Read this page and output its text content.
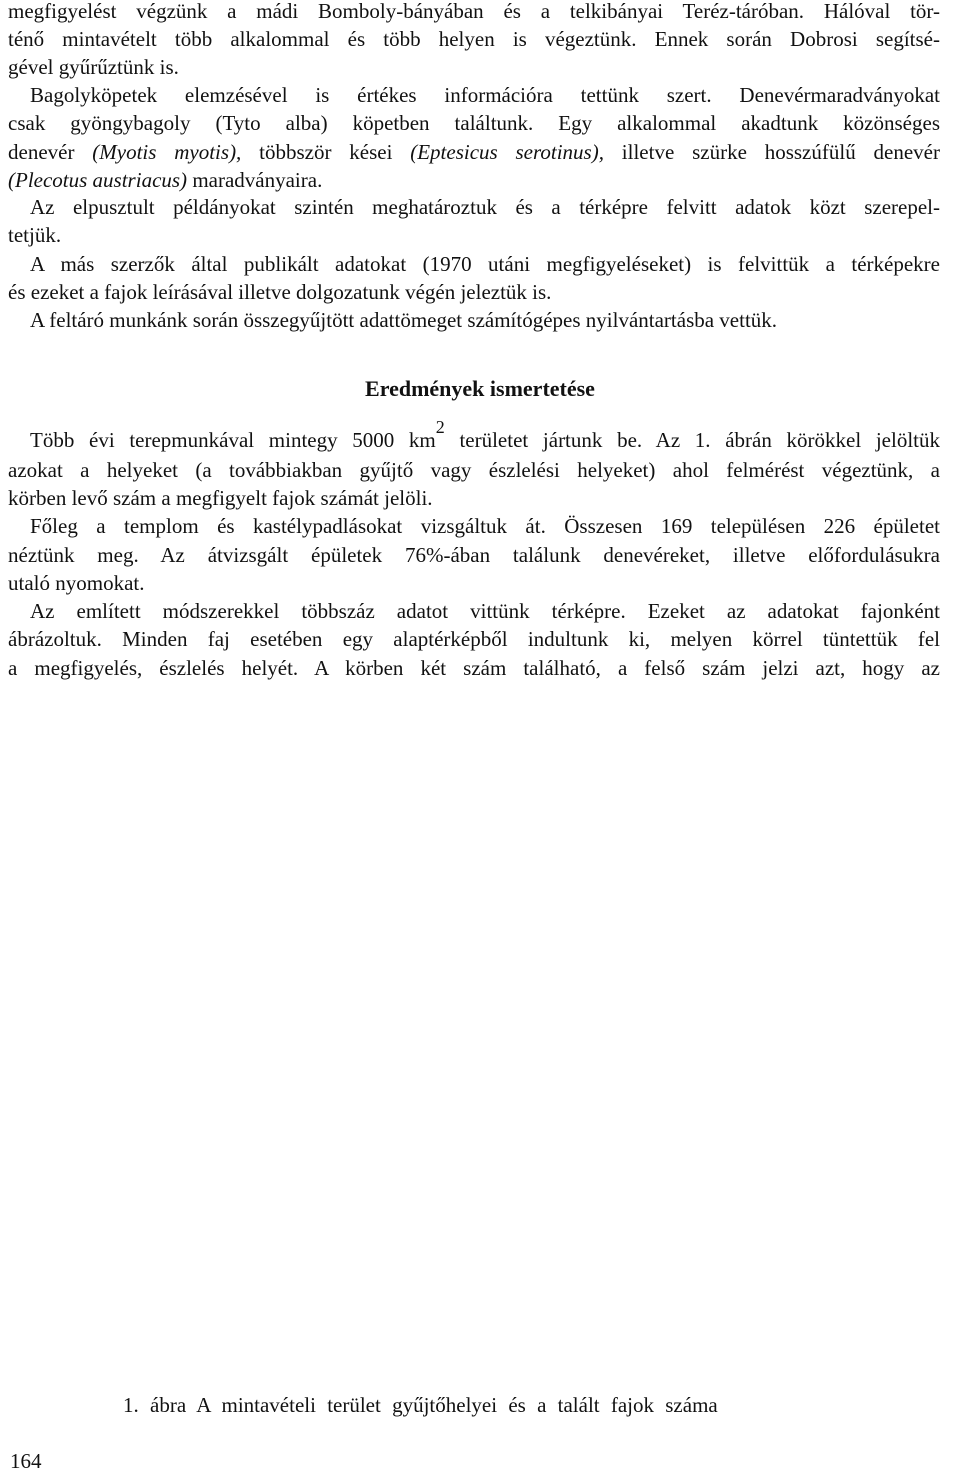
megfigyelést végzünk a mádi Bomboly-bányában és a telkibányai Teréz-táróban. Hálóval tör-
ténő mintavételt több alkalommal és több helyen is végeztünk. Ennek során Dobrosi segítsé-
gével gyűrűztünk is.
Bagolyköpetek elemzésével is értékes információra tettünk szert. Denevérmaradványokat
csak gyöngybagoly (Tyto alba) köpetben találtunk. Egy alkalommal akadtunk közönséges
denevér (Myotis myotis), többször kései (Eptesicus serotinus), illetve szürke hosszúfülű denevér
(Plecotus austriacus) maradványaira.
Az elpusztult példányokat szintén meghatároztuk és a térképre felvitt adatok közt szerepel-
tetjük.
A más szerzők által publikált adatokat (1970 utáni megfigyeléseket) is felvittük a térképekre
és ezeket a fajok leírásával illetve dolgozatunk végén jeleztük is.
A feltáró munkánk során összegyűjtött adattömeget számítógépes nyilvántartásba vettük.
Eredmények ismertetése
Több évi terepmunkával mintegy 5000 km2 területet jártunk be. Az 1. ábrán körökkel jelöltük
azokat a helyeket (a továbbiakban gyűjtő vagy észlelési helyeket) ahol felmérést végeztünk, a
körben levő szám a megfigyelt fajok számát jelöli.
Főleg a templom és kastélypadlásokat vizsgáltuk át. Összesen 169 településen 226 épületet
néztünk meg. Az átvizsgált épületek 76%-ában találunk denevéreket, illetve előfordulásukra
utaló nyomokat.
Az említett módszerekkel többszáz adatot vittünk térképre. Ezeket az adatokat fajonként
ábrázoltuk. Minden faj esetében egy alaptérképből indultunk ki, melyen körrel tüntettük fel
a megfigyelés, észlelés helyét. A körben két szám található, a felső szám jelzi azt, hogy az
1. ábra A mintavételi terület gyűjtőhelyei és a talált fajok száma
164
